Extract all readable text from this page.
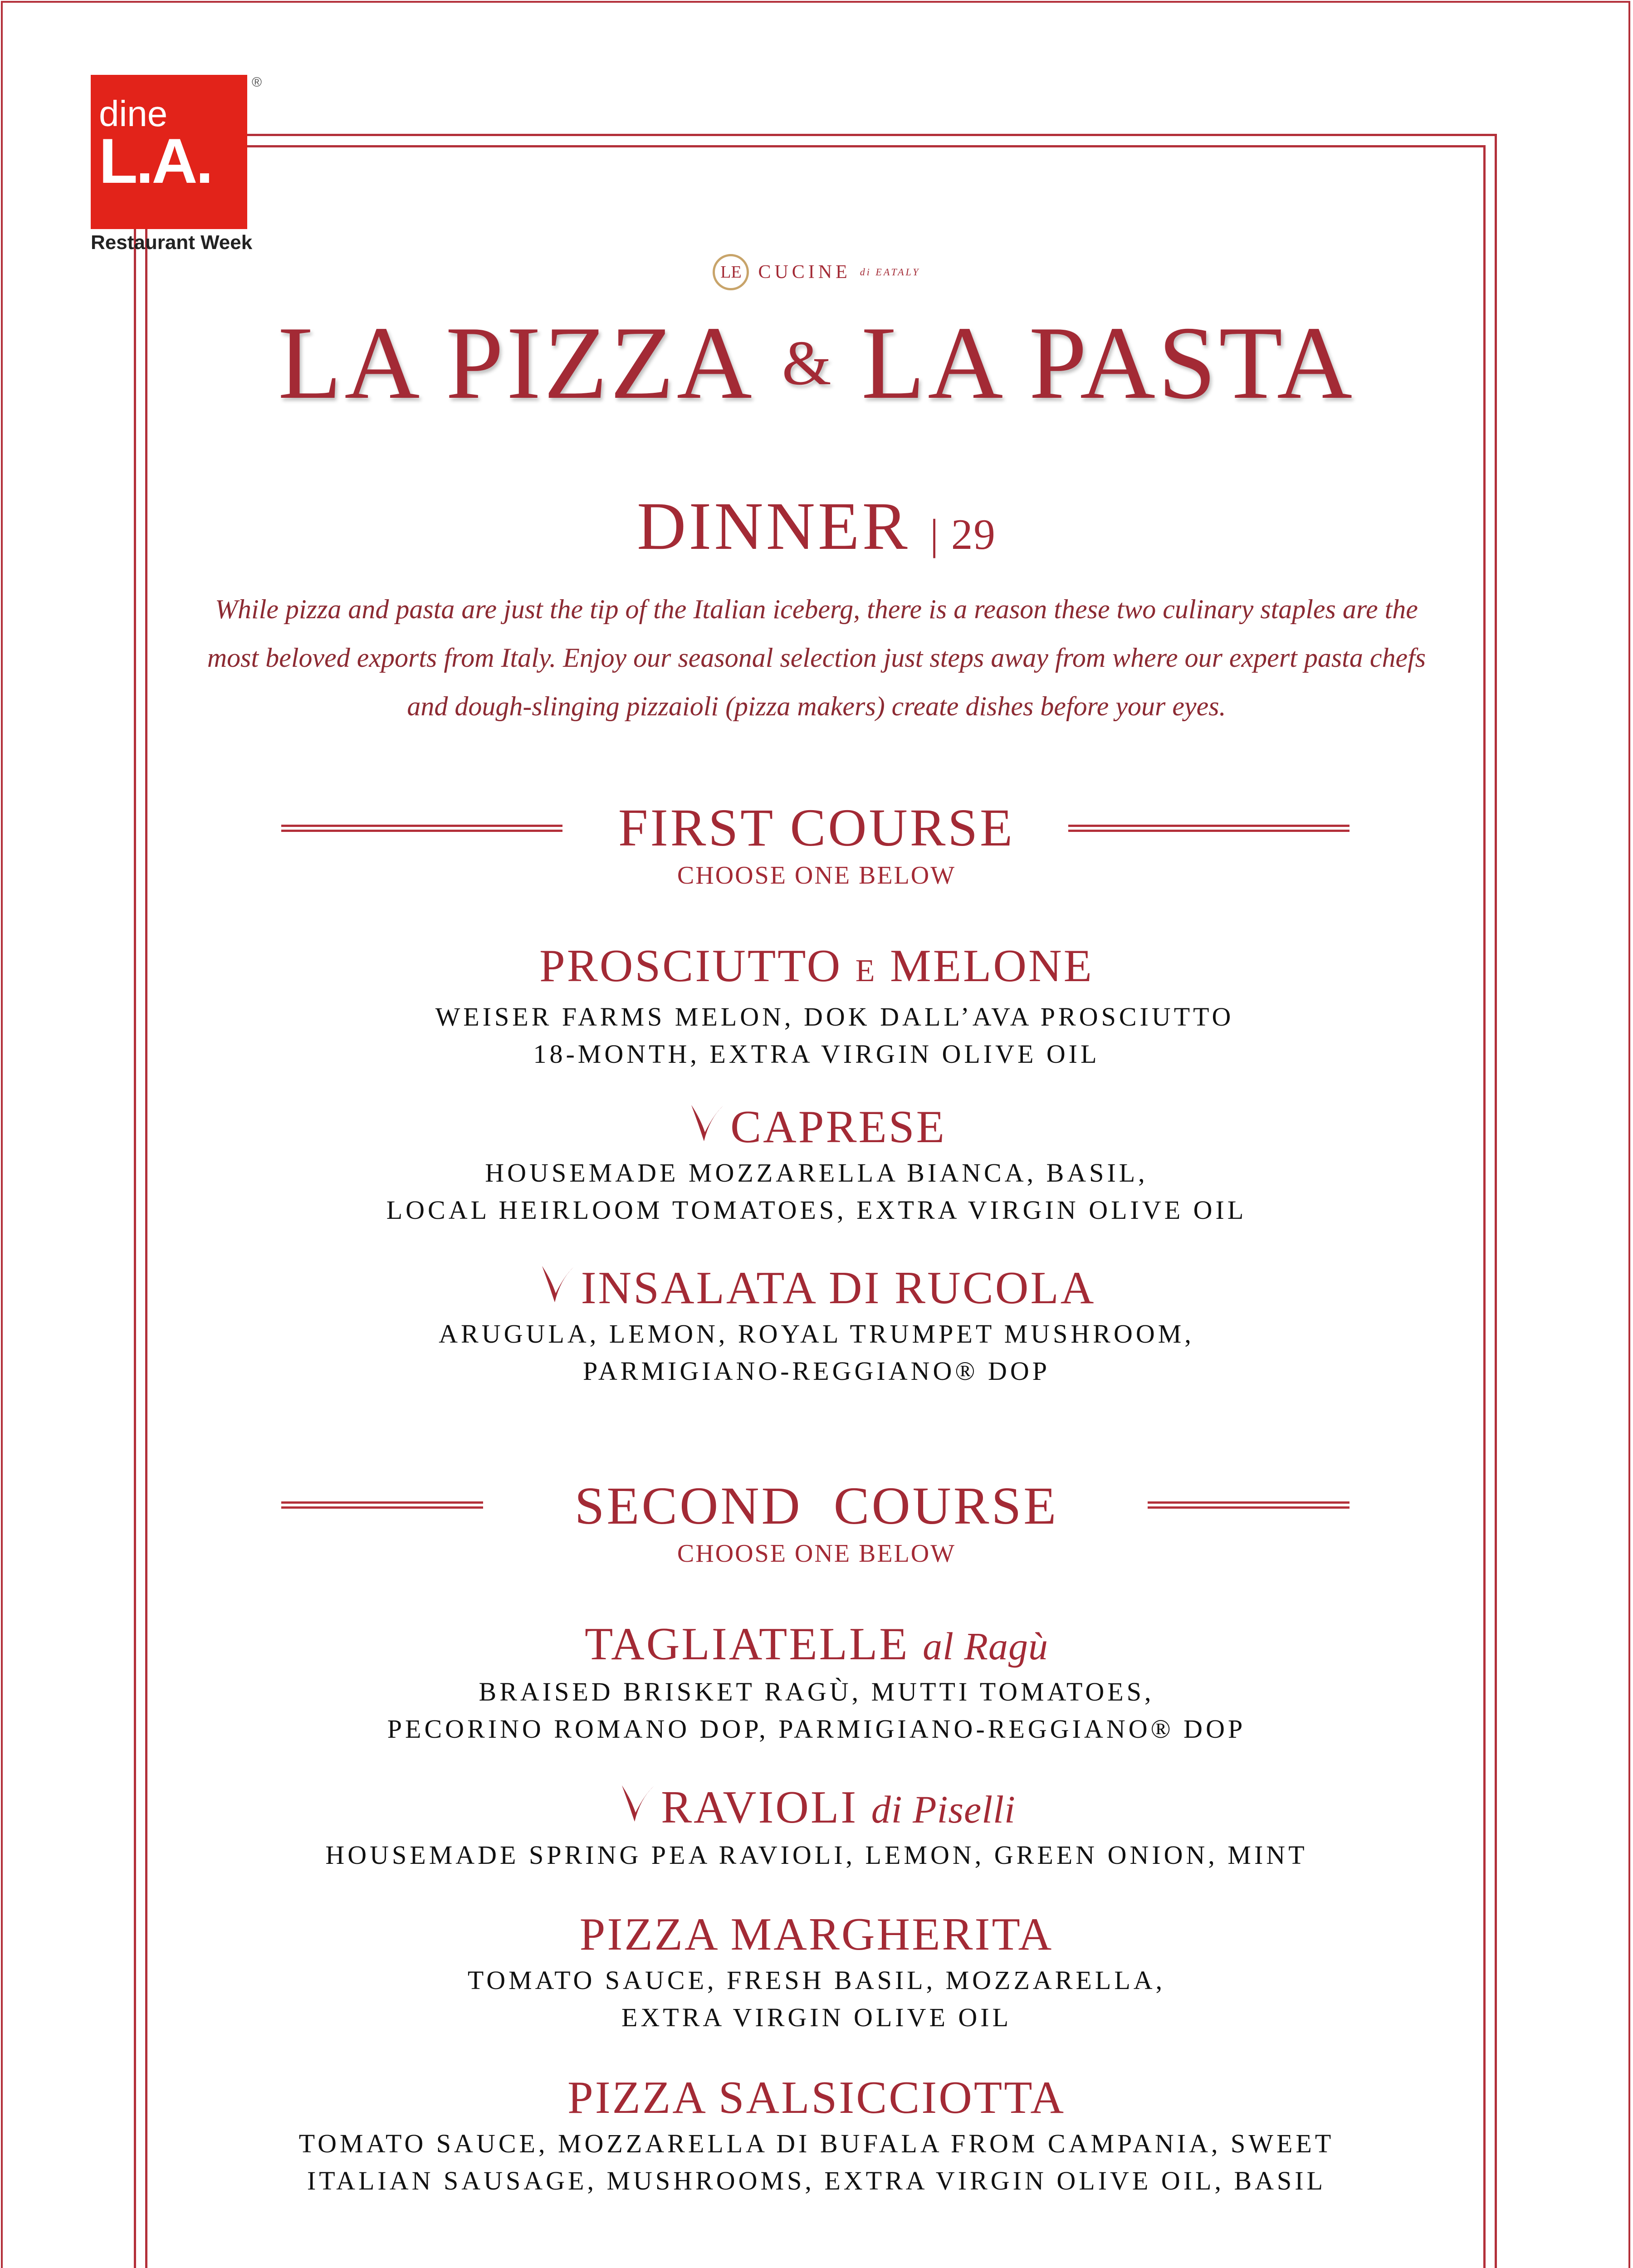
dine
L.A.
®
Restaurant Week
LE CUCINE di EATALY
LA PIZZA & LA PASTA
DINNER | 29
While pizza and pasta are just the tip of the Italian iceberg, there is a reason these two culinary staples are the most beloved exports from Italy. Enjoy our seasonal selection just steps away from where our expert pasta chefs and dough-slinging pizzaioli (pizza makers) create dishes before your eyes.
FIRST COURSE
CHOOSE ONE BELOW
PROSCIUTTO E MELONE
WEISER FARMS MELON, DOK DALL’AVA PROSCIUTTO
18-MONTH, EXTRA VIRGIN OLIVE OIL
CAPRESE
HOUSEMADE MOZZARELLA BIANCA, BASIL,
LOCAL HEIRLOOM TOMATOES, EXTRA VIRGIN OLIVE OIL
INSALATA DI RUCOLA
ARUGULA, LEMON, ROYAL TRUMPET MUSHROOM,
PARMIGIANO-REGGIANO® DOP
SECOND  COURSE
CHOOSE ONE BELOW
TAGLIATELLE al Ragù
BRAISED BRISKET RAGÙ, MUTTI TOMATOES,
PECORINO ROMANO DOP, PARMIGIANO-REGGIANO® DOP
RAVIOLI di Piselli
HOUSEMADE SPRING PEA RAVIOLI, LEMON, GREEN ONION, MINT
PIZZA MARGHERITA
TOMATO SAUCE, FRESH BASIL, MOZZARELLA,
EXTRA VIRGIN OLIVE OIL
PIZZA SALSICCIOTTA
TOMATO SAUCE, MOZZARELLA DI BUFALA FROM CAMPANIA, SWEET
ITALIAN SAUSAGE, MUSHROOMS, EXTRA VIRGIN OLIVE OIL, BASIL
